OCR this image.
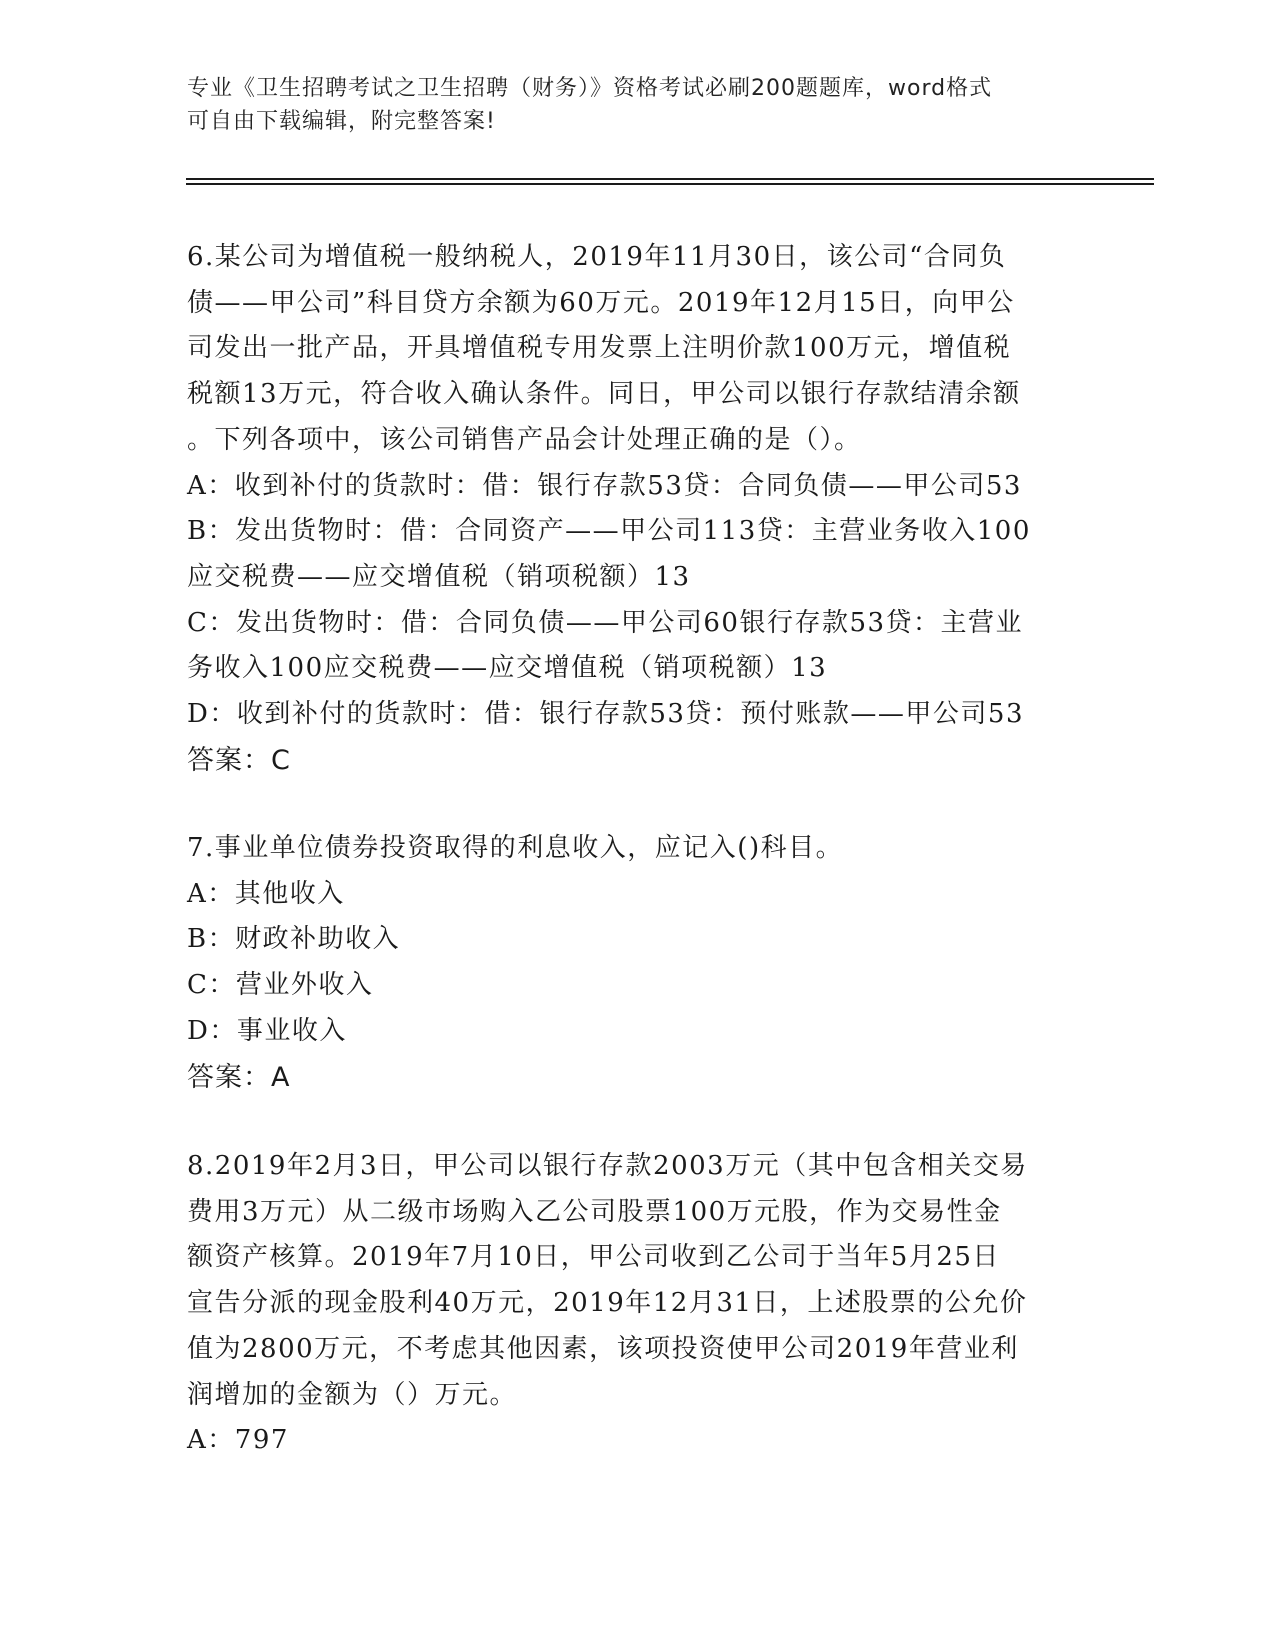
专业《卫生招聘考试之卫生招聘（财务）》资格考试必刷200题题库，word格式
可自由下载编辑，附完整答案!

6.某公司为增值税一般纳税人，2019年11月30日，该公司“合同负

债——甲公司”科目贷方余额为60万元。2019年12月15日，向甲公

司发出一批产品，开具增值税专用发票上注明价款100万元，增值税

税额13万元，符合收入确认条件。同日，甲公司以银行存款结清余额

。下列各项中，该公司销售产品会计处理正确的是（）。

A：收到补付的货款时：借：银行存款53贷：合同负债——甲公司53

B：发出货物时：借：合同资产——甲公司113贷：主营业务收入100

应交税费——应交增值税（销项税额）13

C：发出货物时：借：合同负债——甲公司60银行存款53贷：主营业

务收入100应交税费——应交增值税（销项税额）13

D：收到补付的货款时：借：银行存款53贷：预付账款——甲公司53

答案：C

7.事业单位债券投资取得的利息收入，应记入()科目。

A：其他收入

B：财政补助收入

C：营业外收入

D：事业收入

答案：A

8.2019年2月3日，甲公司以银行存款2003万元（其中包含相关交易

费用3万元）从二级市场购入乙公司股票100万元股，作为交易性金

额资产核算。2019年7月10日，甲公司收到乙公司于当年5月25日

宣告分派的现金股利40万元，2019年12月31日，上述股票的公允价

值为2800万元，不考虑其他因素，该项投资使甲公司2019年营业利

润增加的金额为（）万元。

A：797
